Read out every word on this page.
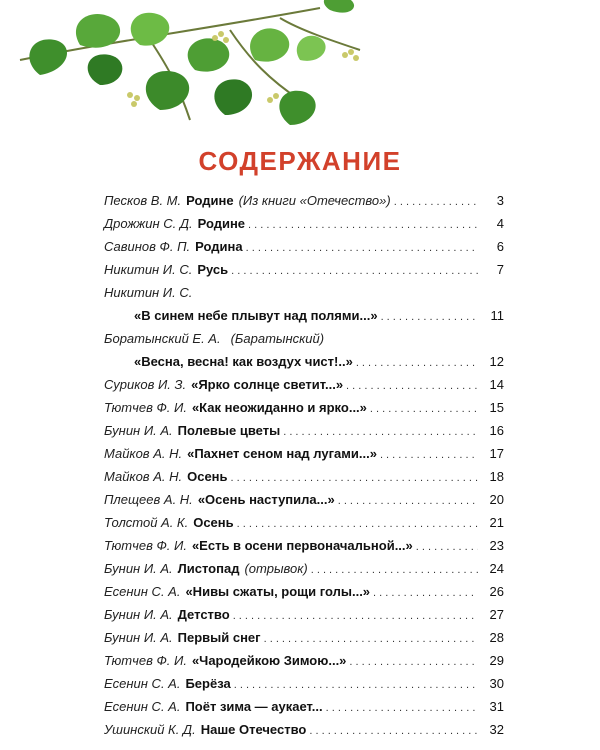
СОДЕРЖАНИЕ
Песков В. М. Родине (Из книги «Отечество») . . .	3
Дрожжин С. Д. Родине . . .	4
Савинов Ф. П. Родина . . .	6
Никитин И. С. Русь . . .	7
Никитин И. С.
«В синем небе плывут над полями...» . . .	11
Боратынский Е. А. (Баратынский)
«Весна, весна! как воздух чист!..» . . .	12
Суриков И. З. «Ярко солнце светит...» . . .	14
Тютчев Ф. И. «Как неожиданно и ярко...» . . .	15
Бунин И. А. Полевые цветы . . .	16
Майков А. Н. «Пахнет сеном над лугами...» . . .	17
Майков А. Н. Осень . . .	18
Плещеев А. Н. «Осень наступила...» . . .	20
Толстой А. К. Осень . . .	21
Тютчев Ф. И. «Есть в осени первоначальной...» . . .	23
Бунин И. А. Листопад (отрывок) . . .	24
Есенин С. А. «Нивы сжаты, рощи голы...» . . .	26
Бунин И. А. Детство . . .	27
Бунин И. А. Первый снег . . .	28
Тютчев Ф. И. «Чародейкою Зимою...» . . .	29
Есенин С. А. Берёза . . .	30
Есенин С. А. Поёт зима — аукает... . . .	31
Ушинский К. Д. Наше Отечество . . .	32
